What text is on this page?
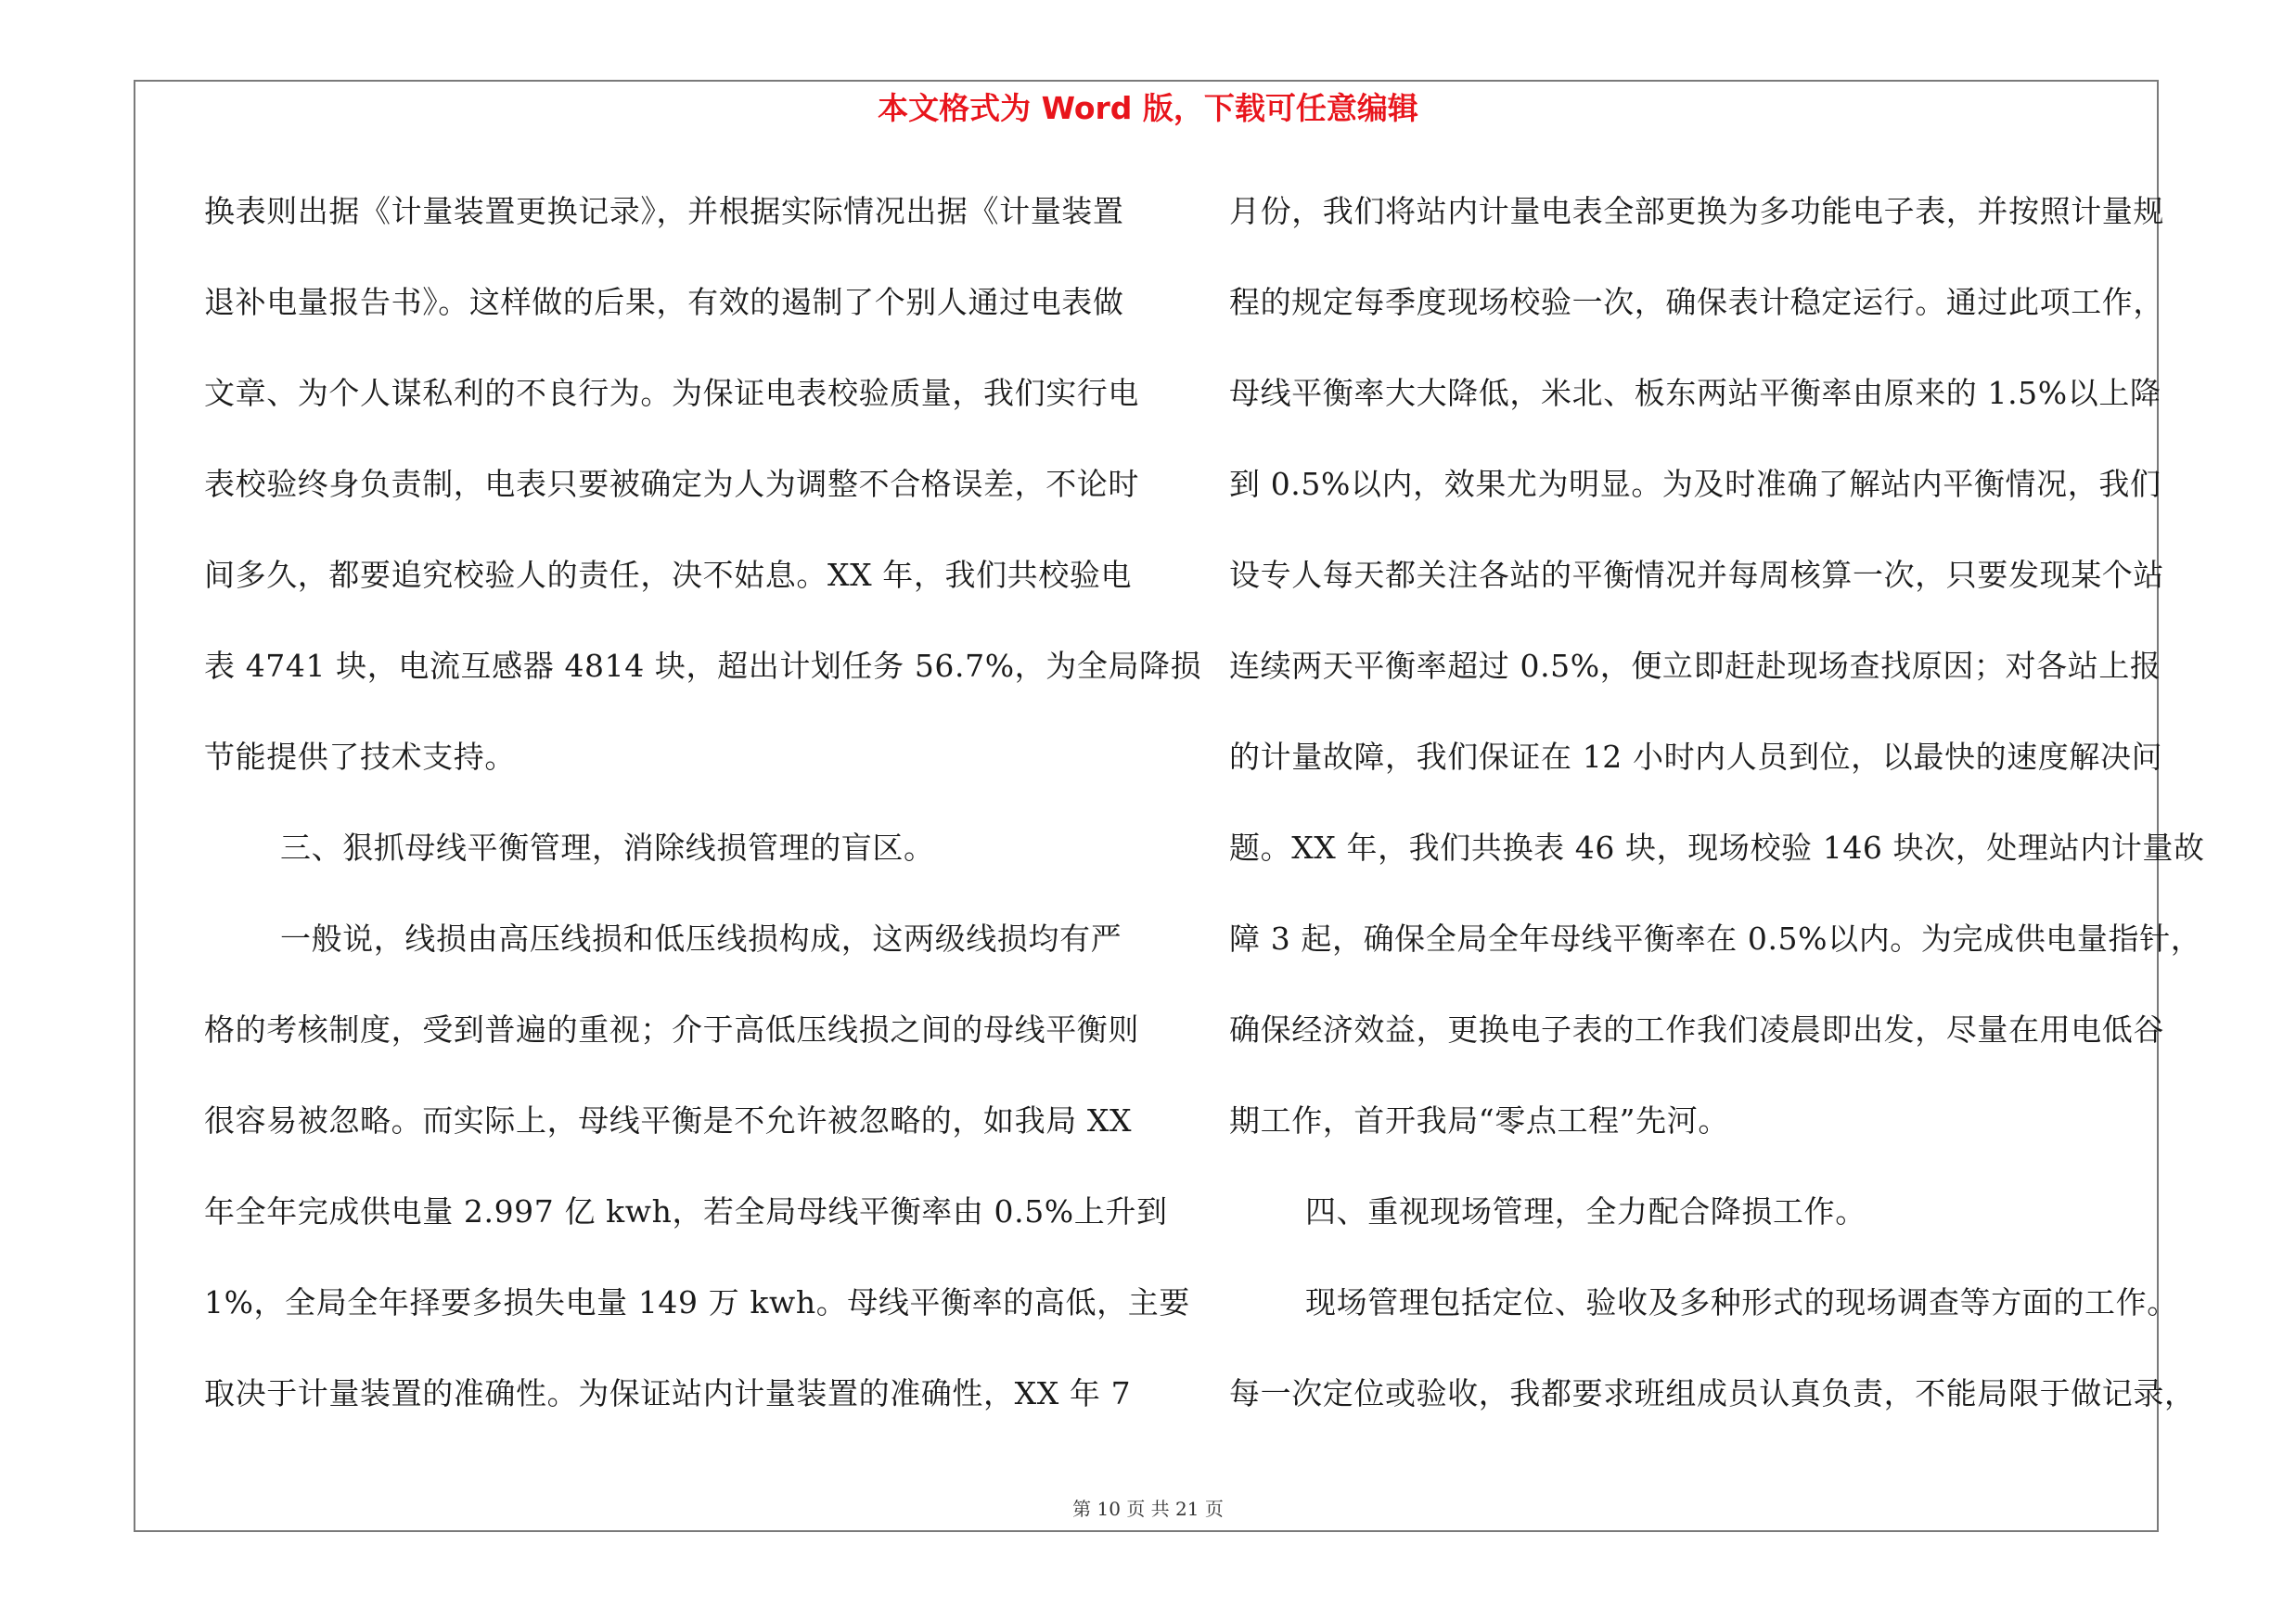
本文格式为 Word 版，下载可任意编辑
换表则出据《计量装置更换记录》，并根据实际情况出据《计量装置
退补电量报告书》。这样做的后果，有效的遏制了个别人通过电表做
文章、为个人谋私利的不良行为。为保证电表校验质量，我们实行电
表校验终身负责制，电表只要被确定为人为调整不合格误差，不论时
间多久，都要追究校验人的责任，决不姑息。XX 年，我们共校验电
表 4741 块，电流互感器 4814 块，超出计划任务 56.7%，为全局降损
节能提供了技术支持。
三、狠抓母线平衡管理，消除线损管理的盲区。
一般说，线损由高压线损和低压线损构成，这两级线损均有严
格的考核制度，受到普遍的重视；介于高低压线损之间的母线平衡则
很容易被忽略。而实际上，母线平衡是不允许被忽略的，如我局 XX
年全年完成供电量 2.997 亿 kwh，若全局母线平衡率由 0.5%上升到
1%，全局全年择要多损失电量 149 万 kwh。母线平衡率的高低，主要
取决于计量装置的准确性。为保证站内计量装置的准确性，XX 年 7
月份，我们将站内计量电表全部更换为多功能电子表，并按照计量规
程的规定每季度现场校验一次，确保表计稳定运行。通过此项工作，
母线平衡率大大降低，米北、板东两站平衡率由原来的 1.5%以上降
到 0.5%以内，效果尤为明显。为及时准确了解站内平衡情况，我们
设专人每天都关注各站的平衡情况并每周核算一次，只要发现某个站
连续两天平衡率超过 0.5%，便立即赶赴现场查找原因；对各站上报
的计量故障，我们保证在 12 小时内人员到位，以最快的速度解决问
题。XX 年，我们共换表 46 块，现场校验 146 块次，处理站内计量故
障 3 起，确保全局全年母线平衡率在 0.5%以内。为完成供电量指针，
确保经济效益，更换电子表的工作我们凌晨即出发，尽量在用电低谷
期工作，首开我局“零点工程”先河。
四、重视现场管理，全力配合降损工作。
现场管理包括定位、验收及多种形式的现场调查等方面的工作。
每一次定位或验收，我都要求班组成员认真负责，不能局限于做记录，
第 10 页 共 21 页
